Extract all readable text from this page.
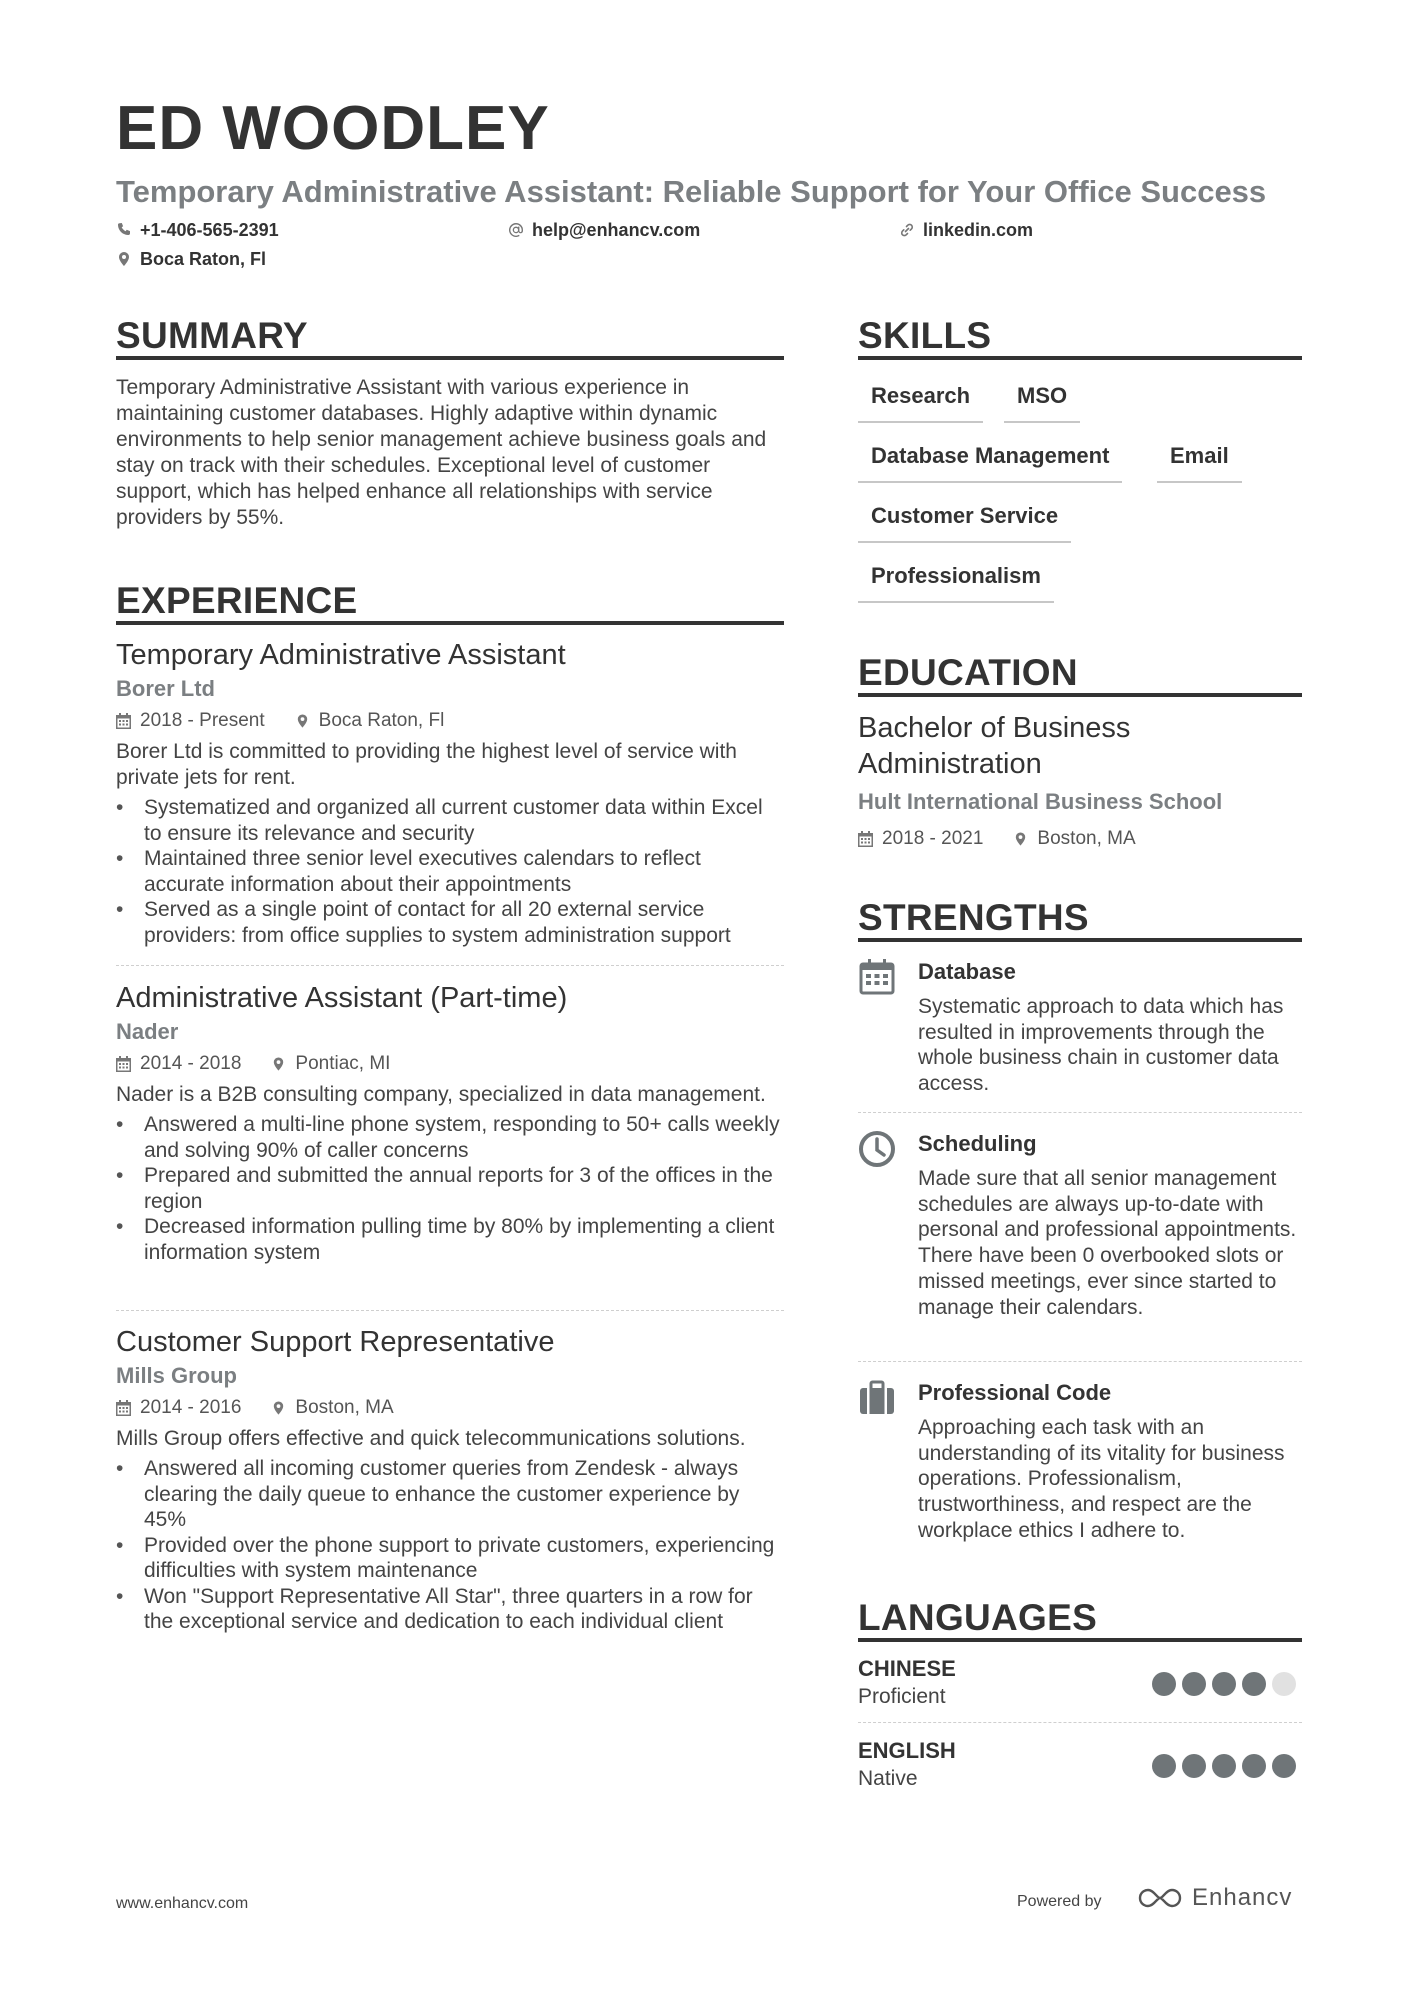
ED WOODLEY
Temporary Administrative Assistant: Reliable Support for Your Office Success
+1-406-565-2391	help@enhancv.com	linkedin.com
Boca Raton, Fl
SUMMARY
Temporary Administrative Assistant with various experience in maintaining customer databases. Highly adaptive within dynamic environments to help senior management achieve business goals and stay on track with their schedules. Exceptional level of customer support, which has helped enhance all relationships with service providers by 55%.
EXPERIENCE
Temporary Administrative Assistant
Borer Ltd
2018 - Present	Boca Raton, Fl
Borer Ltd is committed to providing the highest level of service with private jets for rent.
• Systematized and organized all current customer data within Excel to ensure its relevance and security
• Maintained three senior level executives calendars to reflect accurate information about their appointments
• Served as a single point of contact for all 20 external service providers: from office supplies to system administration support
Administrative Assistant (Part-time)
Nader
2014 - 2018	Pontiac, MI
Nader is a B2B consulting company, specialized in data management.
• Answered a multi-line phone system, responding to 50+ calls weekly and solving 90% of caller concerns
• Prepared and submitted the annual reports for 3 of the offices in the region
• Decreased information pulling time by 80% by implementing a client information system
Customer Support Representative
Mills Group
2014 - 2016	Boston, MA
Mills Group offers effective and quick telecommunications solutions.
• Answered all incoming customer queries from Zendesk - always clearing the daily queue to enhance the customer experience by 45%
• Provided over the phone support to private customers, experiencing difficulties with system maintenance
• Won "Support Representative All Star", three quarters in a row for the exceptional service and dedication to each individual client
SKILLS
Research	MSO
Database Management	Email
Customer Service
Professionalism
EDUCATION
Bachelor of Business Administration
Hult International Business School
2018 - 2021	Boston, MA
STRENGTHS
Database
Systematic approach to data which has resulted in improvements through the whole business chain in customer data access.
Scheduling
Made sure that all senior management schedules are always up-to-date with personal and professional appointments. There have been 0 overbooked slots or missed meetings, ever since started to manage their calendars.
Professional Code
Approaching each task with an understanding of its vitality for business operations. Professionalism, trustworthiness, and respect are the workplace ethics I adhere to.
LANGUAGES
CHINESE
Proficient
ENGLISH
Native
www.enhancv.com	Powered by	Enhancv
